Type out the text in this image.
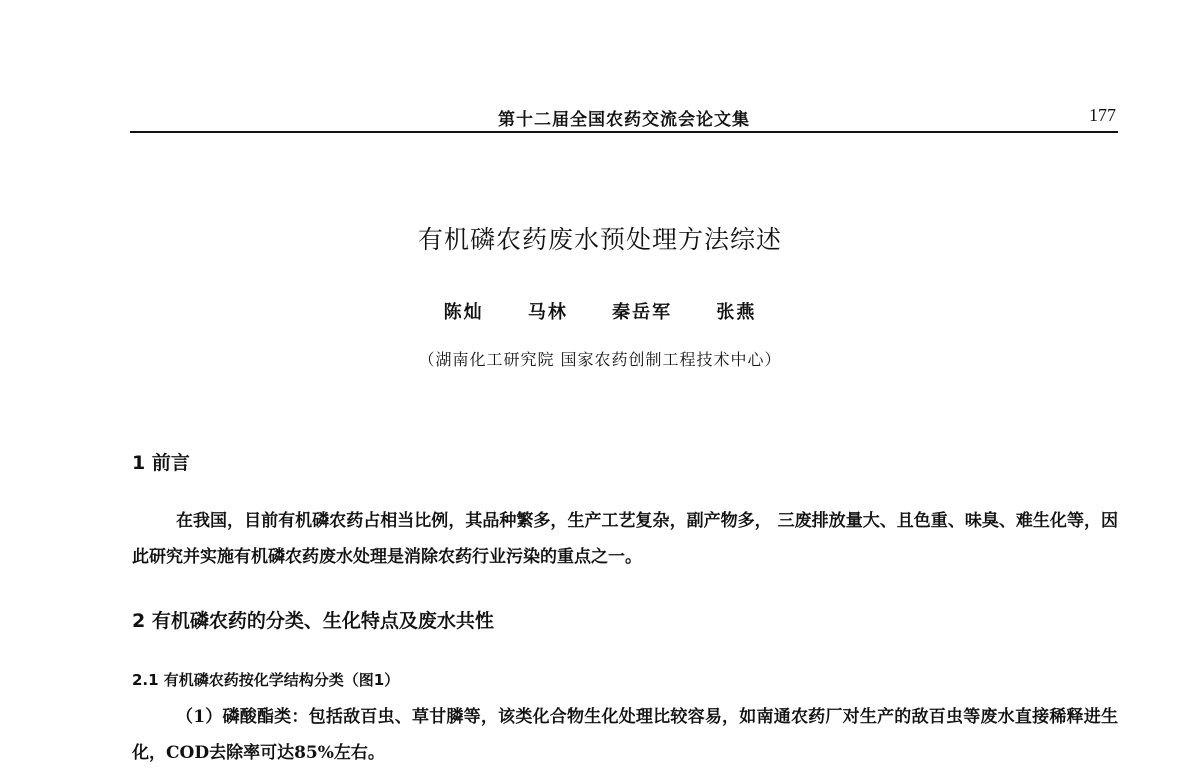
第十二届全国农药交流会论文集	177
有机磷农药废水预处理方法综述
陈灿 马林 秦岳军 张燕
（湖南化工研究院 国家农药创制工程技术中心）
1 前言
在我国，目前有机磷农药占相当比例，其品种繁多，生产工艺复杂，副产物多， 三废排放量大、且色重、味臭、难生化等，因此研究并实施有机磷农药废水处理是消除农药行业污染的重点之一。
2 有机磷农药的分类、生化特点及废水共性
2.1 有机磷农药按化学结构分类（图1）
（1）磷酸酯类：包括敌百虫、草甘膦等，该类化合物生化处理比较容易，如南通农药厂对生产的敌百虫等废水直接稀释进生化，COD去除率可达85%左右。
